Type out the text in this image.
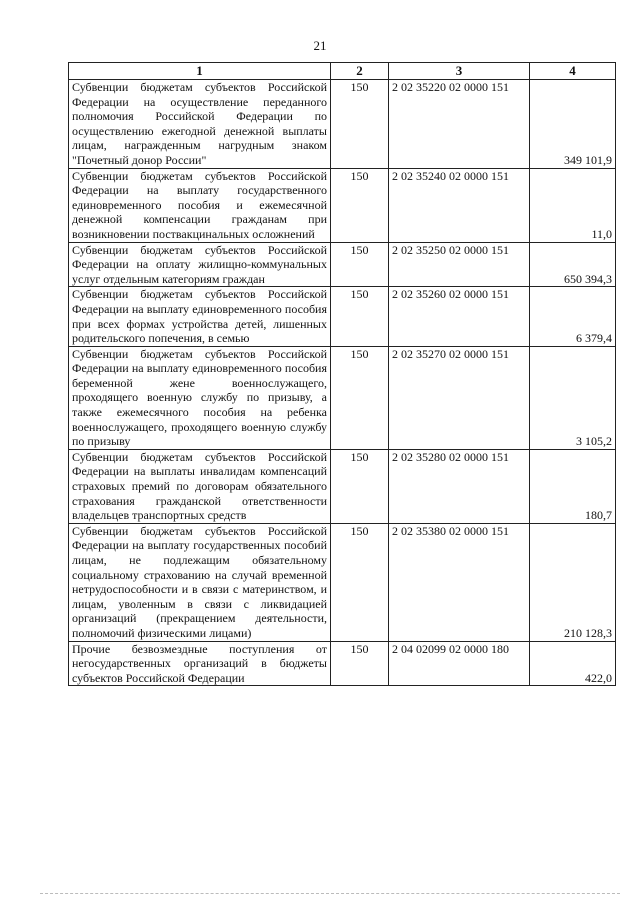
21
1	2	3	4
Субвенции бюджетам субъектов Российской Федерации на осуществление переданного полномочия Российской Федерации по осуществлению ежегодной денежной выплаты лицам, награжденным нагрудным знаком "Почетный донор России"	150	2 02 35220 02 0000 151	349 101,9
Субвенции бюджетам субъектов Российской Федерации на выплату государственного единовременного пособия и ежемесячной денежной компенсации гражданам при возникновении поствакцинальных осложнений	150	2 02 35240 02 0000 151	11,0
Субвенции бюджетам субъектов Российской Федерации на оплату жилищно-коммунальных услуг отдельным категориям граждан	150	2 02 35250 02 0000 151	650 394,3
Субвенции бюджетам субъектов Российской Федерации на выплату единовременного пособия при всех формах устройства детей, лишенных родительского попечения, в семью	150	2 02 35260 02 0000 151	6 379,4
Субвенции бюджетам субъектов Российской Федерации на выплату единовременного пособия беременной жене военнослужащего, проходящего военную службу по призыву, а также ежемесячного пособия на ребенка военнослужащего, проходящего военную службу по призыву	150	2 02 35270 02 0000 151	3 105,2
Субвенции бюджетам субъектов Российской Федерации на выплаты инвалидам компенсаций страховых премий по договорам обязательного страхования гражданской ответственности владельцев транспортных средств	150	2 02 35280 02 0000 151	180,7
Субвенции бюджетам субъектов Российской Федерации на выплату государственных пособий лицам, не подлежащим обязательному социальному страхованию на случай временной нетрудоспособности и в связи с материнством, и лицам, уволенным в связи с ликвидацией организаций (прекращением деятельности, полномочий физическими лицами)	150	2 02 35380 02 0000 151	210 128,3
Прочие безвозмездные поступления от негосударственных организаций в бюджеты субъектов Российской Федерации	150	2 04 02099 02 0000 180	422,0
